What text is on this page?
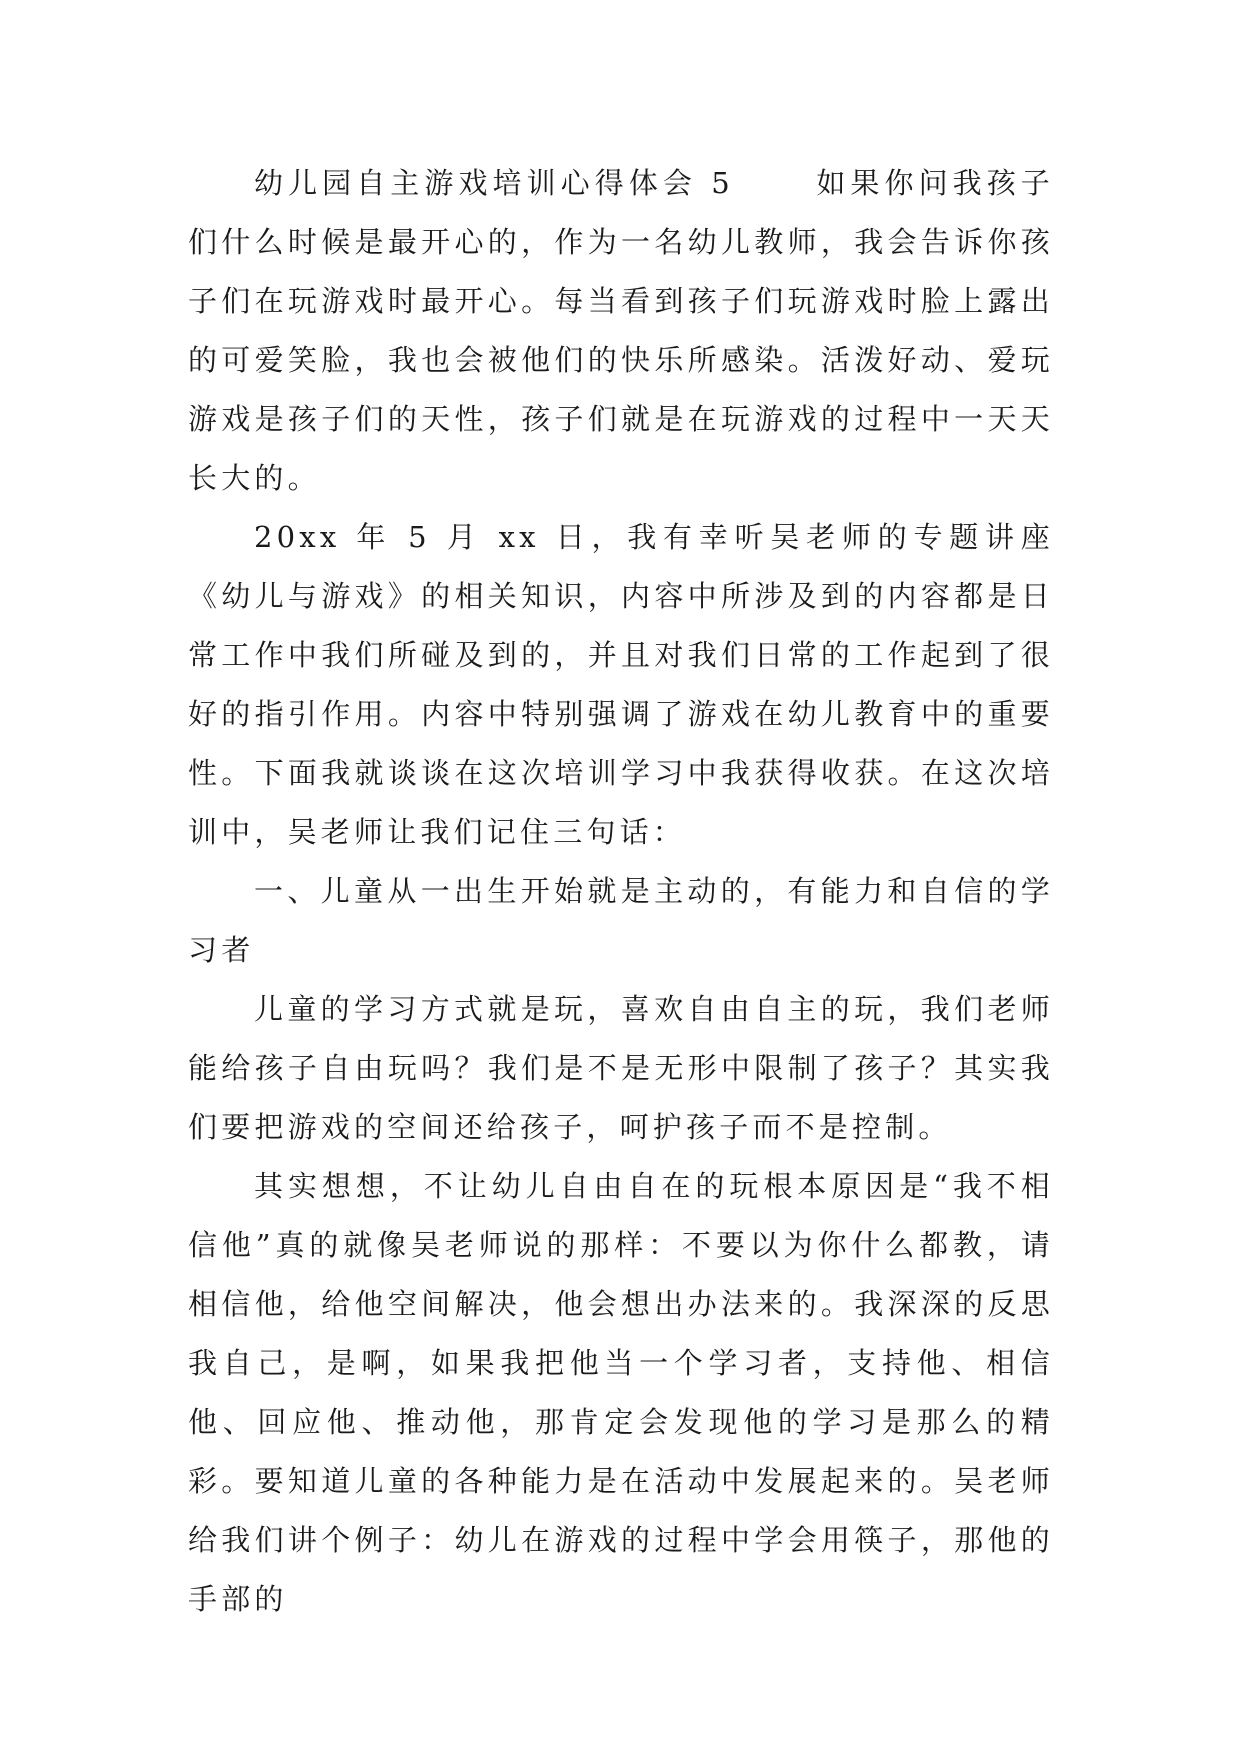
幼儿园自主游戏培训心得体会 5 　　如果你问我孩子们什么时候是最开心的，作为一名幼儿教师，我会告诉你孩子们在玩游戏时最开心。每当看到孩子们玩游戏时脸上露出的可爱笑脸，我也会被他们的快乐所感染。活泼好动、爱玩游戏是孩子们的天性，孩子们就是在玩游戏的过程中一天天长大的。

20xx 年 5 月 xx 日，我有幸听吴老师的专题讲座《幼儿与游戏》的相关知识，内容中所涉及到的内容都是日常工作中我们所碰及到的，并且对我们日常的工作起到了很好的指引作用。内容中特别强调了游戏在幼儿教育中的重要性。下面我就谈谈在这次培训学习中我获得收获。在这次培训中，吴老师让我们记住三句话：

一、儿童从一出生开始就是主动的，有能力和自信的学习者

儿童的学习方式就是玩，喜欢自由自主的玩，我们老师能给孩子自由玩吗？我们是不是无形中限制了孩子？其实我们要把游戏的空间还给孩子，呵护孩子而不是控制。

其实想想，不让幼儿自由自在的玩根本原因是“我不相信他”真的就像吴老师说的那样：不要以为你什么都教，请相信他，给他空间解决，他会想出办法来的。我深深的反思我自己，是啊，如果我把他当一个学习者，支持他、相信他、回应他、推动他，那肯定会发现他的学习是那么的精彩。要知道儿童的各种能力是在活动中发展起来的。吴老师给我们讲个例子：幼儿在游戏的过程中学会用筷子，那他的手部的
